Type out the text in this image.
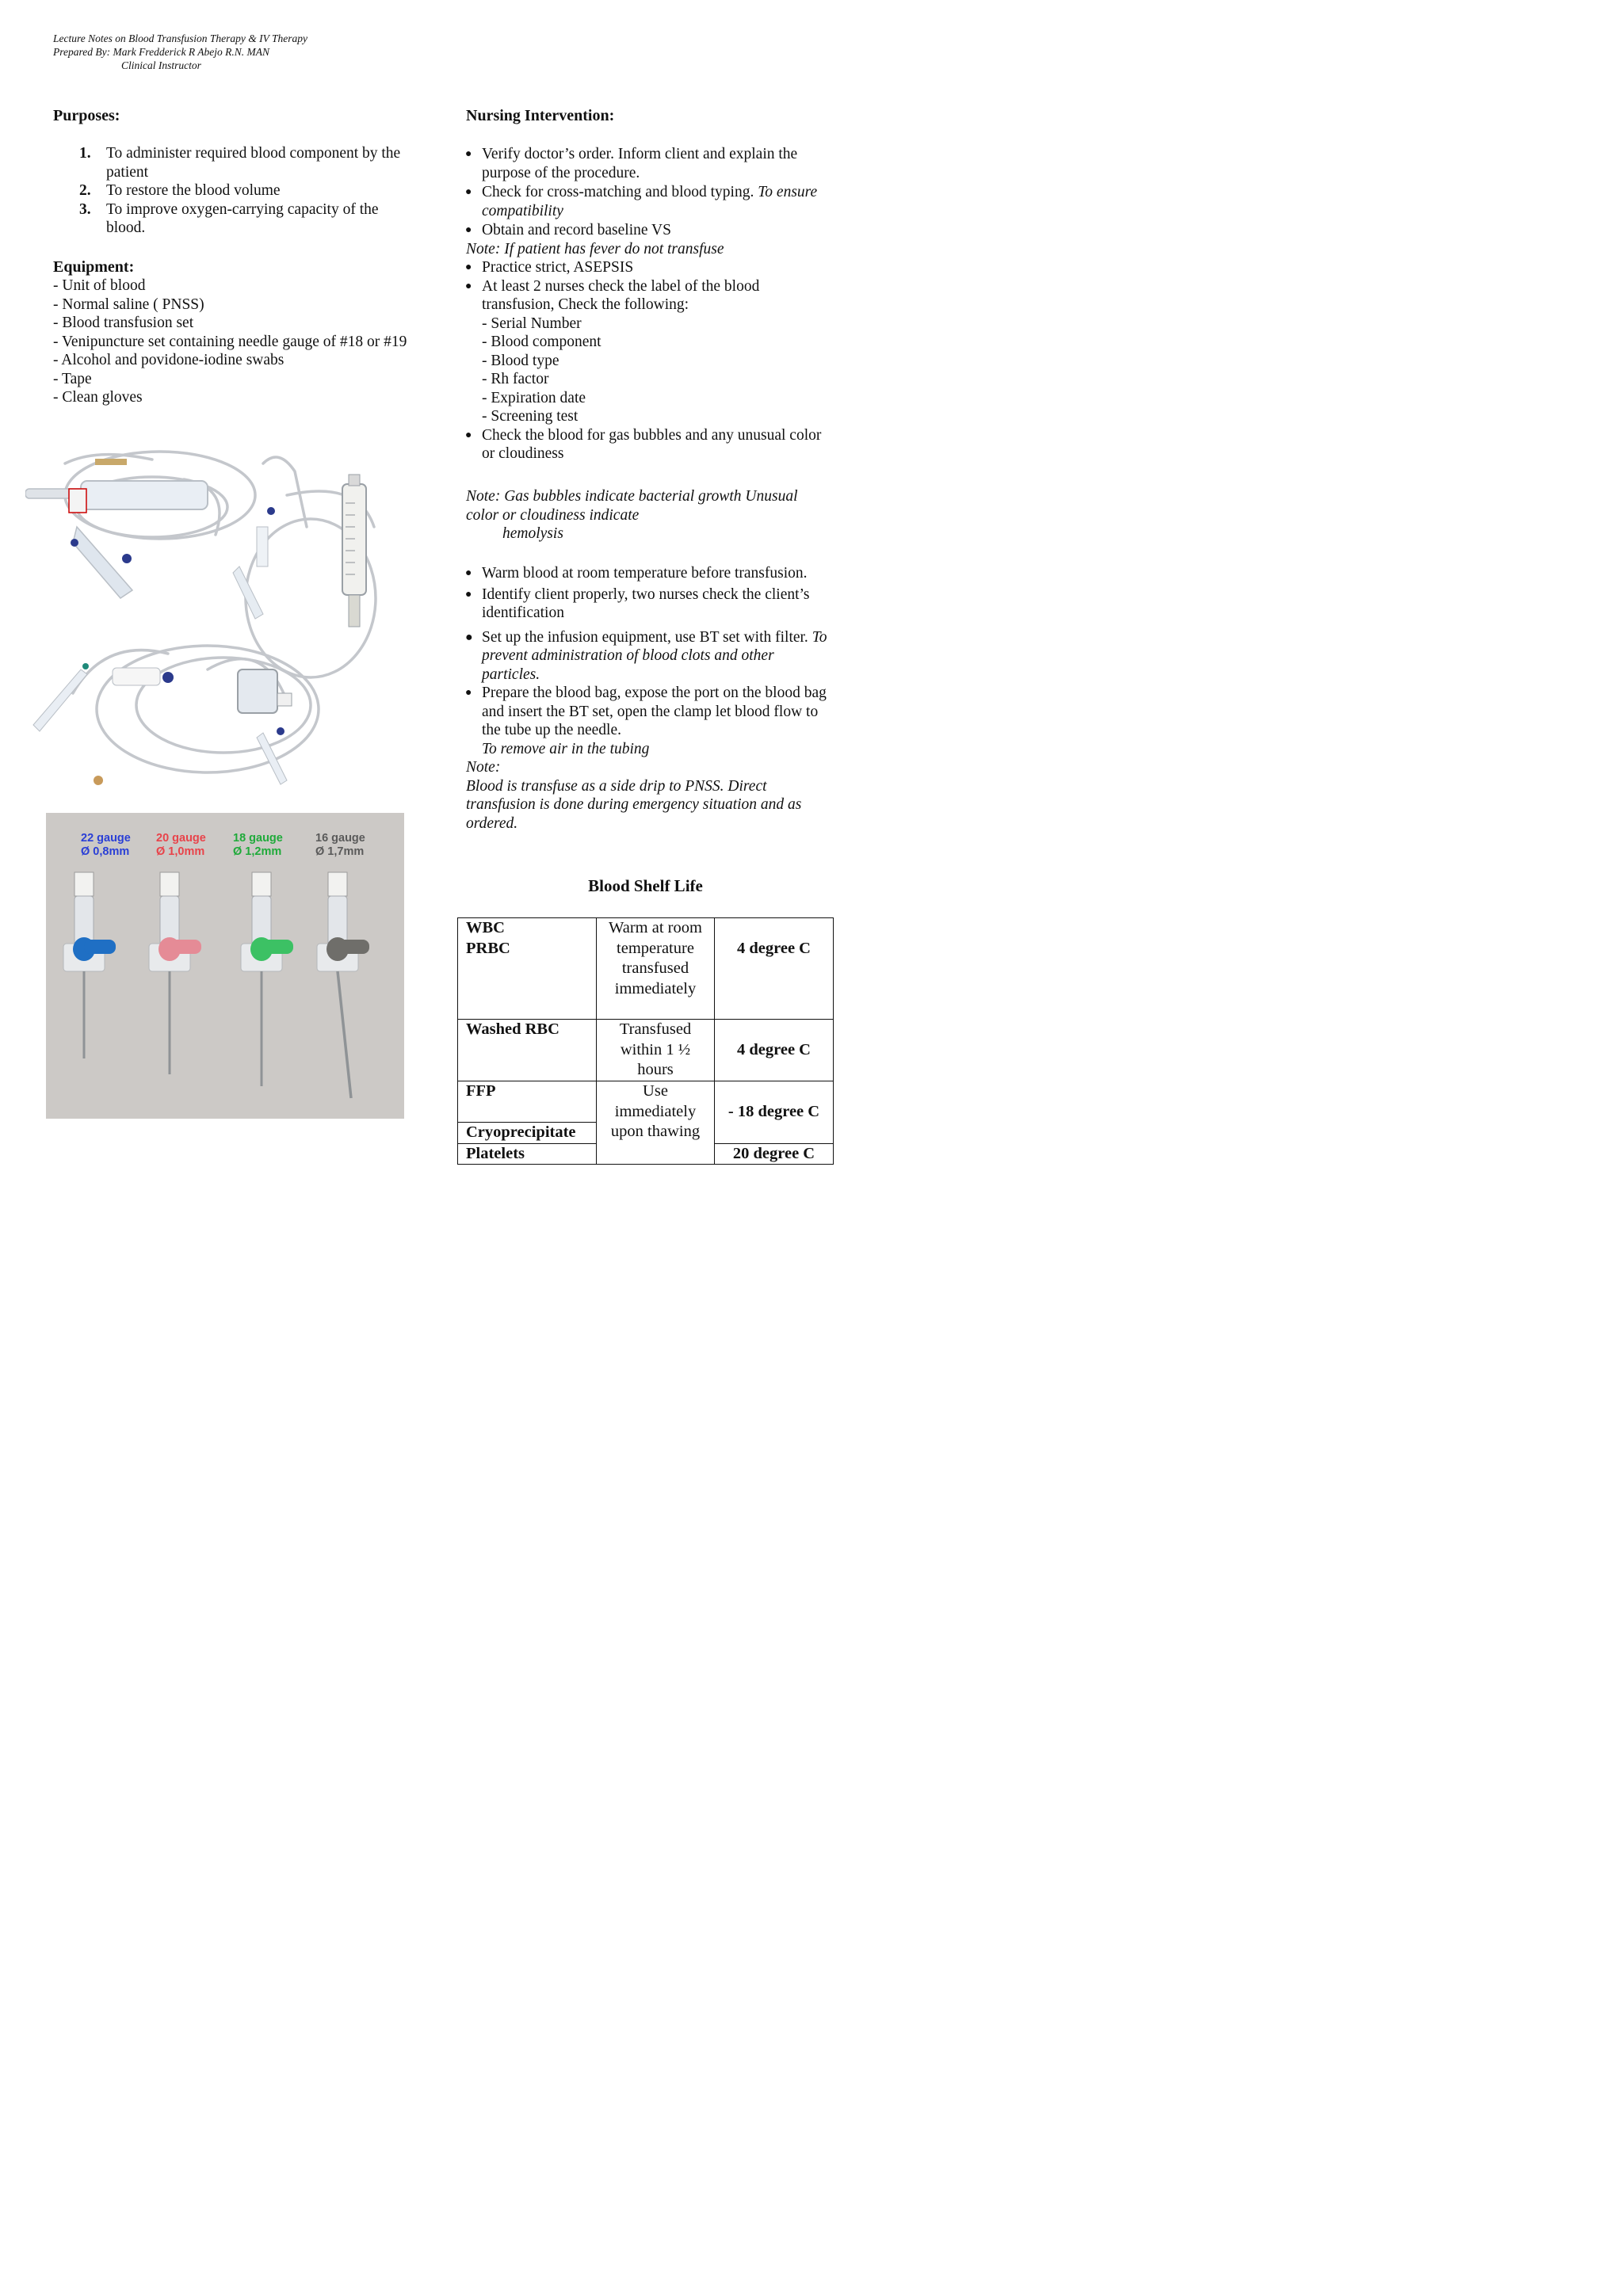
Lecture Notes on Blood Transfusion Therapy & IV Therapy
Prepared By: Mark Fredderick R Abejo R.N. MAN
Clinical Instructor
Purposes:
1. To administer required blood component by the patient
2. To restore the blood volume
3. To improve oxygen-carrying capacity of the blood.
Equipment:
- Unit of blood
- Normal saline ( PNSS)
- Blood transfusion set
- Venipuncture set containing needle gauge of #18 or #19
- Alcohol and povidone-iodine swabs
- Tape
- Clean gloves
22 gauge
Ø 0,8mm
20 gauge
Ø 1,0mm
18 gauge
Ø 1,2mm
16 gauge
Ø 1,7mm
Nursing Intervention:
● Verify doctor’s order. Inform client and explain the purpose of the procedure.
● Check for cross-matching and blood typing. To ensure compatibility
● Obtain and record baseline VS
Note: If patient has fever do not transfuse
● Practice strict, ASEPSIS
● At least 2 nurses check the label of the blood transfusion, Check the following:
- Serial Number
- Blood component
- Blood type
- Rh factor
- Expiration date
- Screening test
● Check the blood for gas bubbles and any unusual color or cloudiness
Note: Gas bubbles indicate bacterial growth Unusual color or cloudiness indicate
hemolysis
● Warm blood at room temperature before transfusion.
● Identify client properly, two nurses check the client’s identification
● Set up the infusion equipment, use BT set with filter. To prevent administration of blood clots and other particles.
● Prepare the blood bag, expose the port on the blood bag and insert the BT set, open the clamp let blood flow to the tube up the needle.
To remove air in the tubing
Note:
Blood is transfuse as a side drip to PNSS. Direct transfusion is done during emergency situation and as ordered.
Blood Shelf Life
WBC
PRBC	Warm at room temperature transfused immediately	4 degree C
Washed RBC	Transfused within 1 ½ hours	4 degree C
FFP	Use immediately upon thawing	- 18 degree C
Cryoprecipitate		
Platelets		20 degree C
